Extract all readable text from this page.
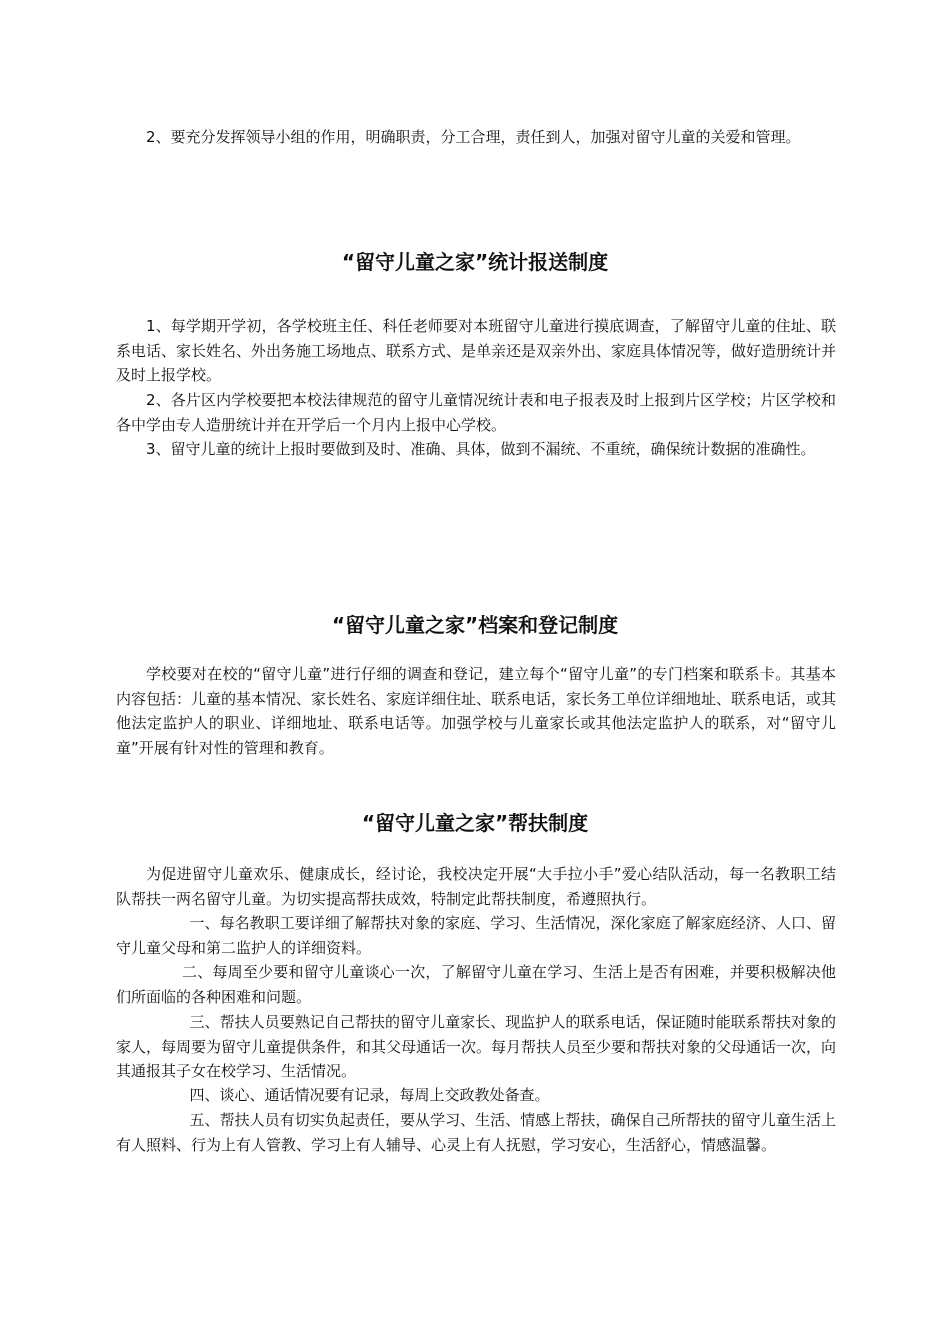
2、要充分发挥领导小组的作用，明确职责，分工合理，责任到人，加强对留守儿童的关爱和管理。

“留守儿童之家”统计报送制度

1、每学期开学初，各学校班主任、科任老师要对本班留守儿童进行摸底调查，了解留守儿童的住址、联系电话、家长姓名、外出务施工场地点、联系方式、是单亲还是双亲外出、家庭具体情况等，做好造册统计并及时上报学校。

2、各片区内学校要把本校法律规范的留守儿童情况统计表和电子报表及时上报到片区学校；片区学校和各中学由专人造册统计并在开学后一个月内上报中心学校。

3、留守儿童的统计上报时要做到及时、准确、具体，做到不漏统、不重统，确保统计数据的准确性。

“留守儿童之家”档案和登记制度

学校要对在校的“留守儿童”进行仔细的调查和登记，建立每个“留守儿童”的专门档案和联系卡。其基本内容包括：儿童的基本情况、家长姓名、家庭详细住址、联系电话，家长务工单位详细地址、联系电话，或其他法定监护人的职业、详细地址、联系电话等。加强学校与儿童家长或其他法定监护人的联系，对“留守儿童”开展有针对性的管理和教育。

“留守儿童之家”帮扶制度

为促进留守儿童欢乐、健康成长，经讨论，我校决定开展“大手拉小手”爱心结队活动，每一名教职工结队帮扶一两名留守儿童。为切实提高帮扶成效，特制定此帮扶制度，希遵照执行。

一、每名教职工要详细了解帮扶对象的家庭、学习、生活情况，深化家庭了解家庭经济、人口、留守儿童父母和第二监护人的详细资料。

二、每周至少要和留守儿童谈心一次，了解留守儿童在学习、生活上是否有困难，并要积极解决他们所面临的各种困难和问题。

三、帮扶人员要熟记自己帮扶的留守儿童家长、现监护人的联系电话，保证随时能联系帮扶对象的家人，每周要为留守儿童提供条件，和其父母通话一次。每月帮扶人员至少要和帮扶对象的父母通话一次，向其通报其子女在校学习、生活情况。

四、谈心、通话情况要有记录，每周上交政教处备查。

五、帮扶人员有切实负起责任，要从学习、生活、情感上帮扶，确保自己所帮扶的留守儿童生活上有人照料、行为上有人管教、学习上有人辅导、心灵上有人抚慰，学习安心，生活舒心，情感温馨。
